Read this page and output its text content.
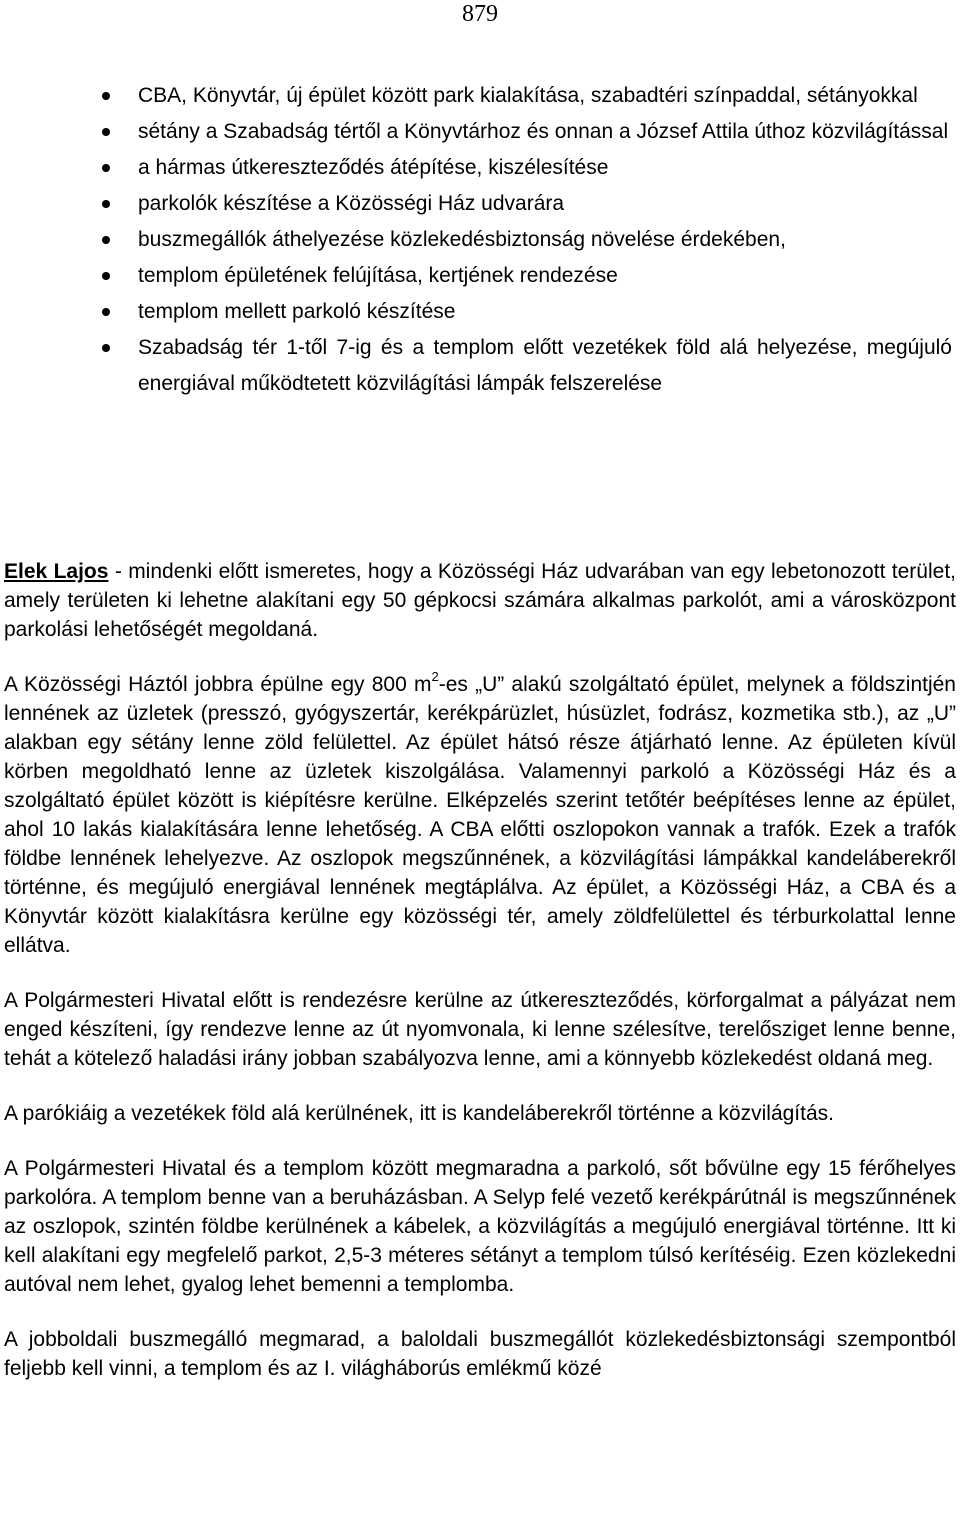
879
CBA, Könyvtár, új épület között park kialakítása, szabadtéri színpaddal, sétányokkal
sétány a Szabadság tértől a Könyvtárhoz és onnan a József Attila úthoz közvilágítással
a hármas útkereszteződés átépítése, kiszélesítése
parkolók készítése a Közösségi Ház udvarára
buszmegállók áthelyezése közlekedésbiztonság növelése érdekében,
templom épületének felújítása, kertjének rendezése
templom mellett parkoló készítése
Szabadság tér 1-től 7-ig és a templom előtt vezetékek föld alá helyezése, megújuló energiával működtetett közvilágítási lámpák felszerelése

Elek Lajos - mindenki előtt ismeretes, hogy a Közösségi Ház udvarában van egy lebetonozott terület, amely területen ki lehetne alakítani egy 50 gépkocsi számára alkalmas parkolót, ami a városközpont parkolási lehetőségét megoldaná.

A Közösségi Háztól jobbra épülne egy 800 $m^2-es$ „U” alakú szolgáltató épület, melynek a földszintjén lennének az üzletek (presszó, gyógyszertár, kerékpárüzlet, húsüzlet, fodrász, kozmetika stb.), az „U” alakban egy sétány lenne zöld felülettel. Az épület hátsó része átjárható lenne. Az épületen kívül körben megoldható lenne az üzletek kiszolgálása. Valamennyi parkoló a Közösségi Ház és a szolgáltató épület között is kiépítésre kerülne. Elképzelés szerint tetőtér beépítéses lenne az épület, ahol 10 lakás kialakítására lenne lehetőség. A CBA előtti oszlopokon vannak a trafók. Ezek a trafók földbe lennének lehelyezve. Az oszlopok megszűnnének, a közvilágítási lámpákkal kandeláberekről történne, és megújuló energiával lennének megtáplálva. Az épület, a Közösségi Ház, a CBA és a Könyvtár között kialakításra kerülne egy közösségi tér, amely zöldfelülettel és térburkolattal lenne ellátva.

A Polgármesteri Hivatal előtt is rendezésre kerülne az útkereszteződés, körforgalmat a pályázat nem enged készíteni, így rendezve lenne az út nyomvonala, ki lenne szélesítve, terelősziget lenne benne, tehát a kötelező haladási irány jobban szabályozva lenne, ami a könnyebb közlekedést oldaná meg.

A parókiáig a vezetékek föld alá kerülnének, itt is kandeláberekről történne a közvilágítás.

A Polgármesteri Hivatal és a templom között megmaradna a parkoló, sőt bővülne egy 15 férőhelyes parkolóra. A templom benne van a beruházásban. A Selyp felé vezető kerékpárútnál is megszűnnének az oszlopok, szintén földbe kerülnének a kábelek, a közvilágítás a megújuló energiával történne. Itt ki kell alakítani egy megfelelő parkot, 2,5-3 méteres sétányt a templom túlsó kerítéséig. Ezen közlekedni autóval nem lehet, gyalog lehet bemenni a templomba.

A jobboldali buszmegálló megmarad, a baloldali buszmegállót közlekedésbiztonsági szempontból feljebb kell vinni, a templom és az I. világháborús emlékmű közé
